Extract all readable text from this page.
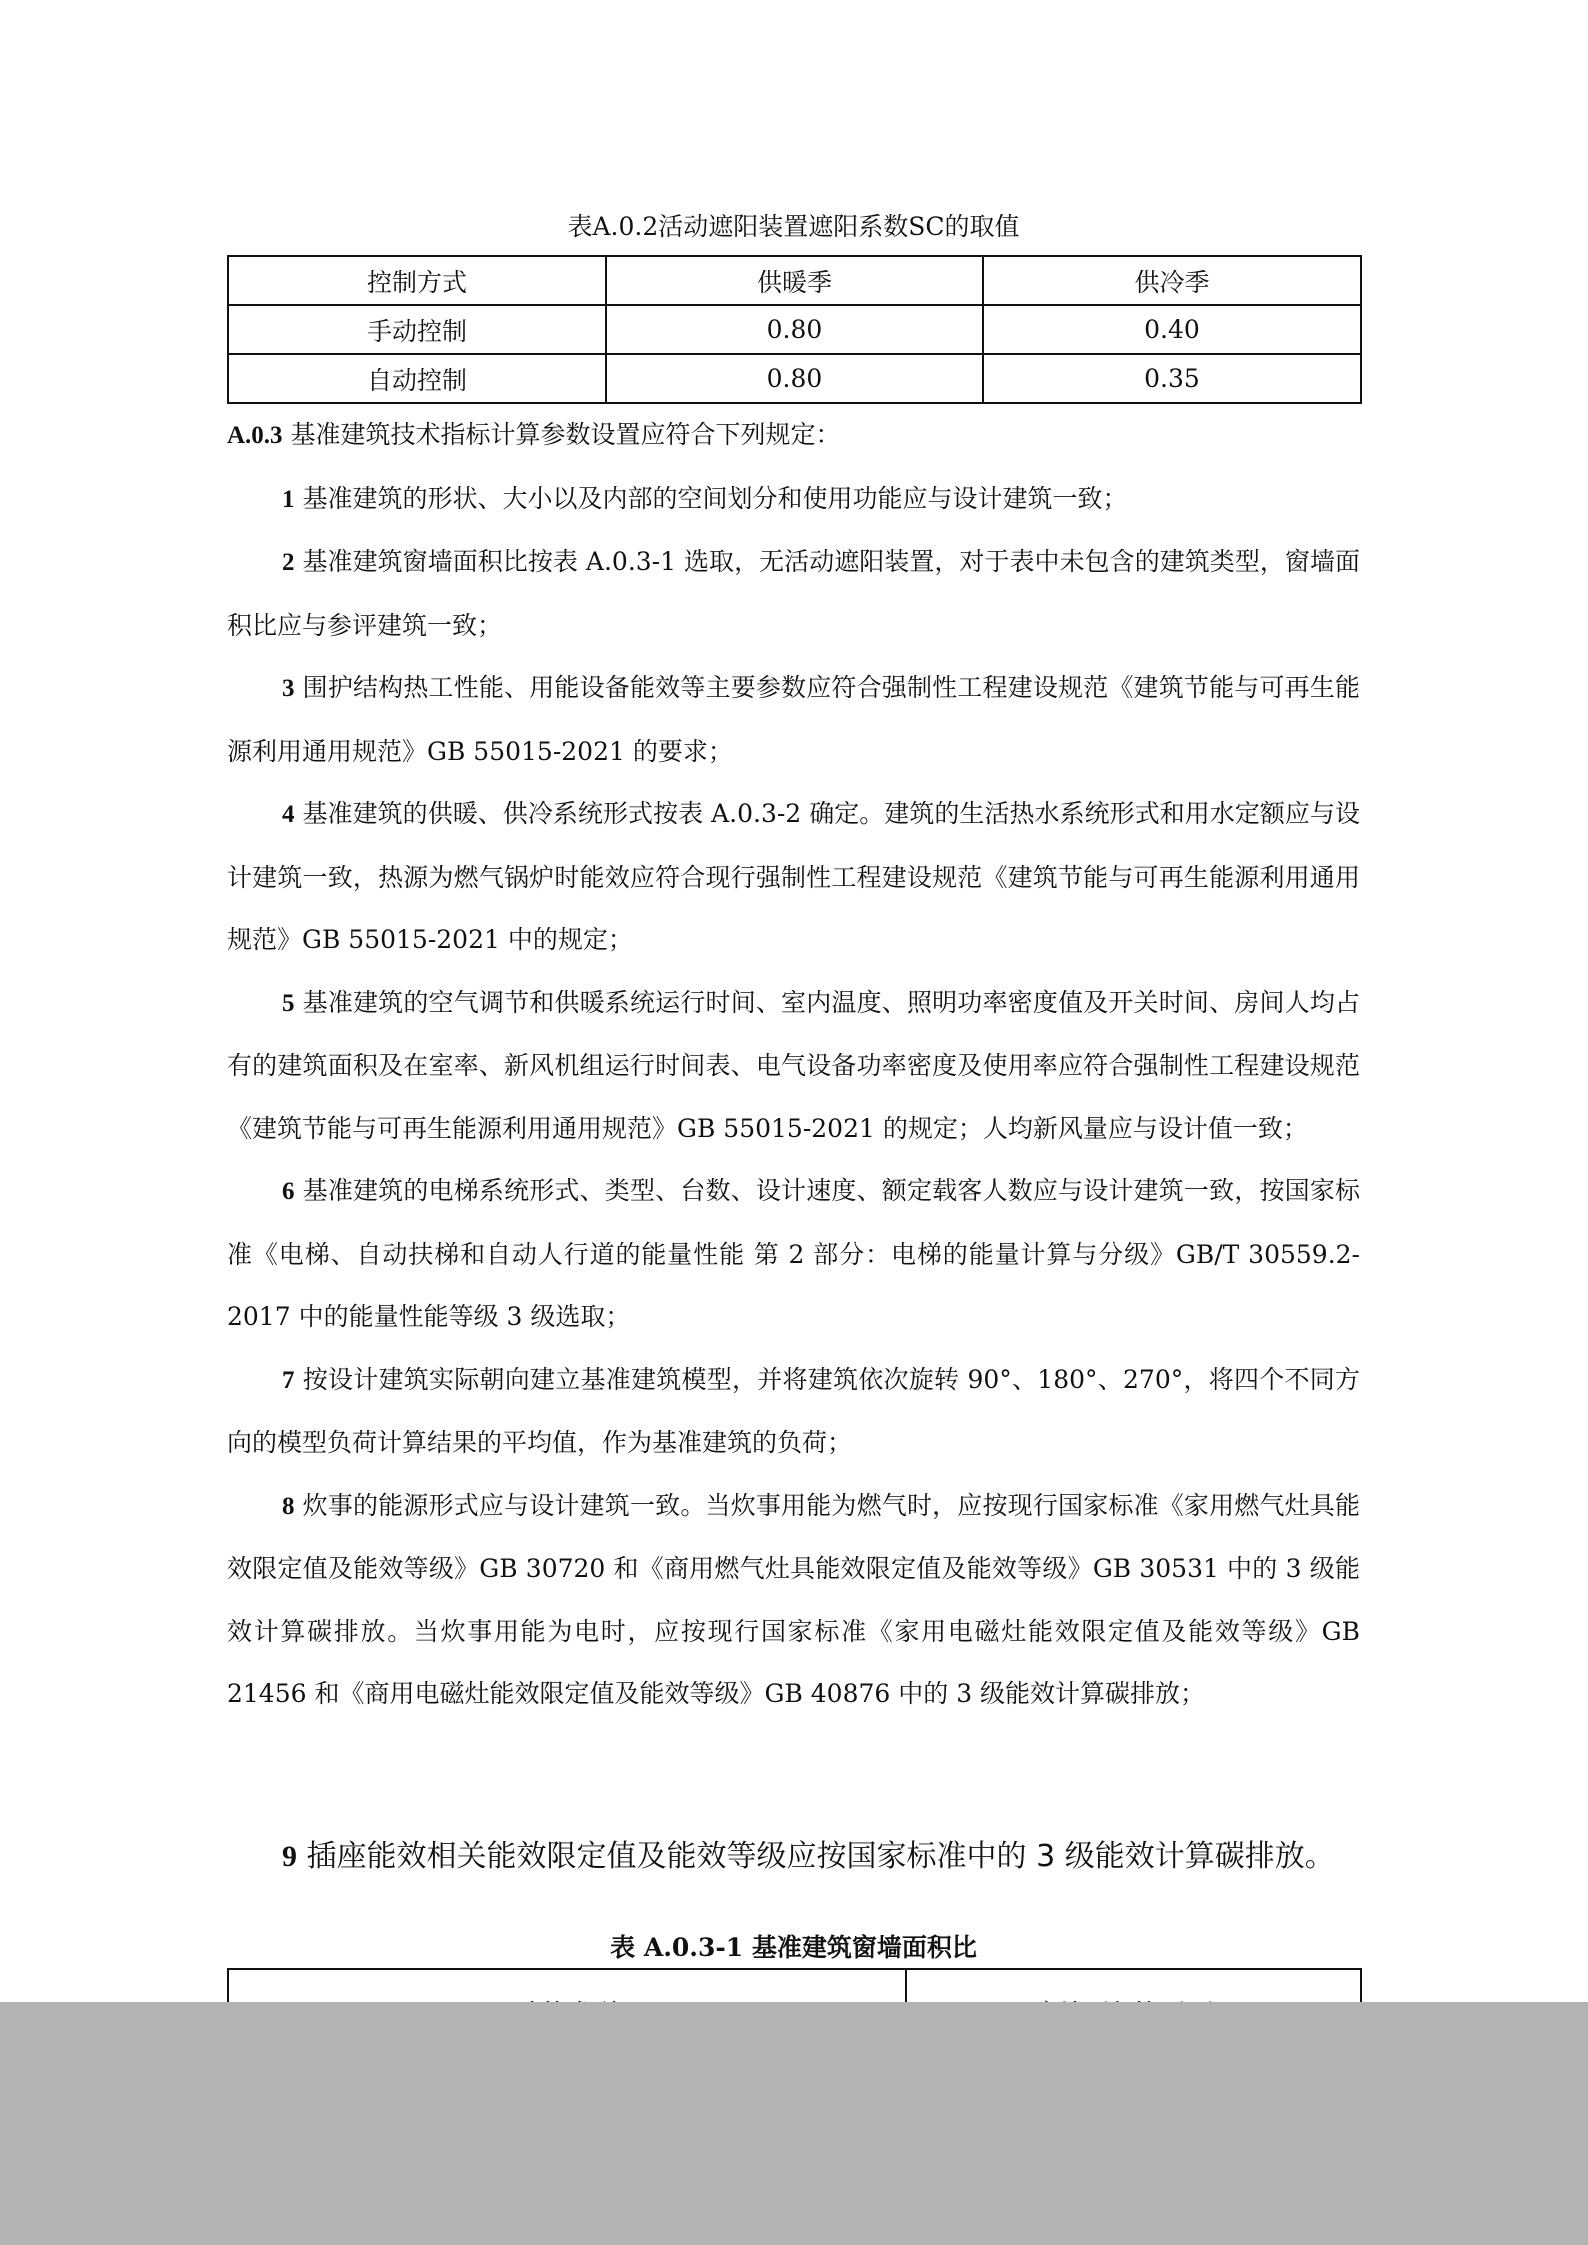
表A.0.2活动遮阳装置遮阳系数SC的取值
控制方式	供暖季	供冷季
手动控制	0.80	0.40
自动控制	0.80	0.35

A.0.3 基准建筑技术指标计算参数设置应符合下列规定：

1 基准建筑的形状、大小以及内部的空间划分和使用功能应与设计建筑一致；

2 基准建筑窗墙面积比按表 A.0.3-1 选取，无活动遮阳装置，对于表中未包含的建筑类型，窗墙面积比应与参评建筑一致；

3 围护结构热工性能、用能设备能效等主要参数应符合强制性工程建设规范《建筑节能与可再生能源利用通用规范》GB 55015-2021 的要求；

4 基准建筑的供暖、供冷系统形式按表 A.0.3-2 确定。建筑的生活热水系统形式和用水定额应与设计建筑一致，热源为燃气锅炉时能效应符合现行强制性工程建设规范《建筑节能与可再生能源利用通用规范》GB 55015-2021 中的规定；

5 基准建筑的空气调节和供暖系统运行时间、室内温度、照明功率密度值及开关时间、房间人均占有的建筑面积及在室率、新风机组运行时间表、电气设备功率密度及使用率应符合强制性工程建设规范《建筑节能与可再生能源利用通用规范》GB 55015-2021 的规定；人均新风量应与设计值一致；

6 基准建筑的电梯系统形式、类型、台数、设计速度、额定载客人数应与设计建筑一致，按国家标准《电梯、自动扶梯和自动人行道的能量性能 第 2 部分：电梯的能量计算与分级》GB/T 30559.2-2017 中的能量性能等级 3 级选取；

7 按设计建筑实际朝向建立基准建筑模型，并将建筑依次旋转 90°、180°、270°，将四个不同方向的模型负荷计算结果的平均值，作为基准建筑的负荷；

8 炊事的能源形式应与设计建筑一致。当炊事用能为燃气时，应按现行国家标准《家用燃气灶具能效限定值及能效等级》GB 30720 和《商用燃气灶具能效限定值及能效等级》GB 30531 中的 3 级能效计算碳排放。当炊事用能为电时，应按现行国家标准《家用电磁灶能效限定值及能效等级》GB 21456 和《商用电磁灶能效限定值及能效等级》GB 40876 中的 3 级能效计算碳排放；

9 插座能效相关能效限定值及能效等级应按国家标准中的 3 级能效计算碳排放。
表 A.0.3-1 基准建筑窗墙面积比
